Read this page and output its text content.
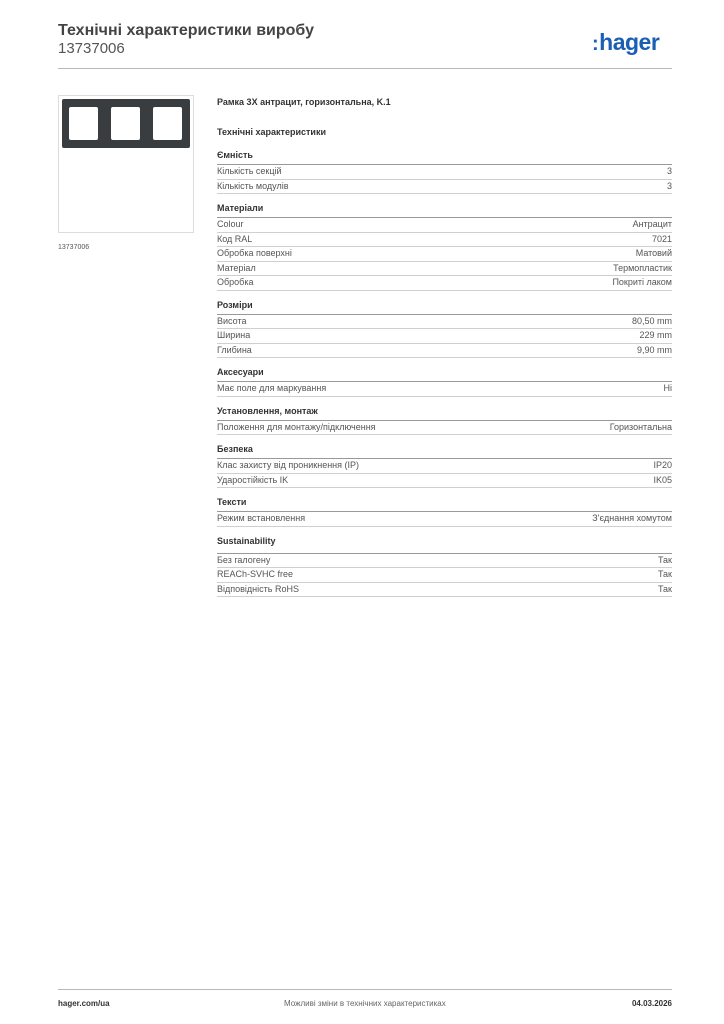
Технічні характеристики виробу
13737006	:hager
13737006
Рамка 3Х антрацит, горизонтальна, K.1
Технічні характеристики
Ємність
Кількість секцій	3
Кількість модулів	3
Матеріали
Colour	Антрацит
Код RAL	7021
Обробка поверхні	Матовий
Матеріал	Термопластик
Обробка	Покриті лаком
Розміри
Висота	80,50 mm
Ширина	229 mm
Глибина	9,90 mm
Аксесуари
Має поле для маркування	Ні
Установлення, монтаж
Положення для монтажу/підключення	Горизонтальна
Безпека
Клас захисту від проникнення (IP)	IP20
Ударостійкість IK	IK05
Тексти
Режим встановлення	З'єднання хомутом
Sustainability
Без галогену	Так
REACh-SVHC free	Так
Відповідність RoHS	Так
hager.com/ua	Можливі зміни в технічних характеристиках	04.03.2026
